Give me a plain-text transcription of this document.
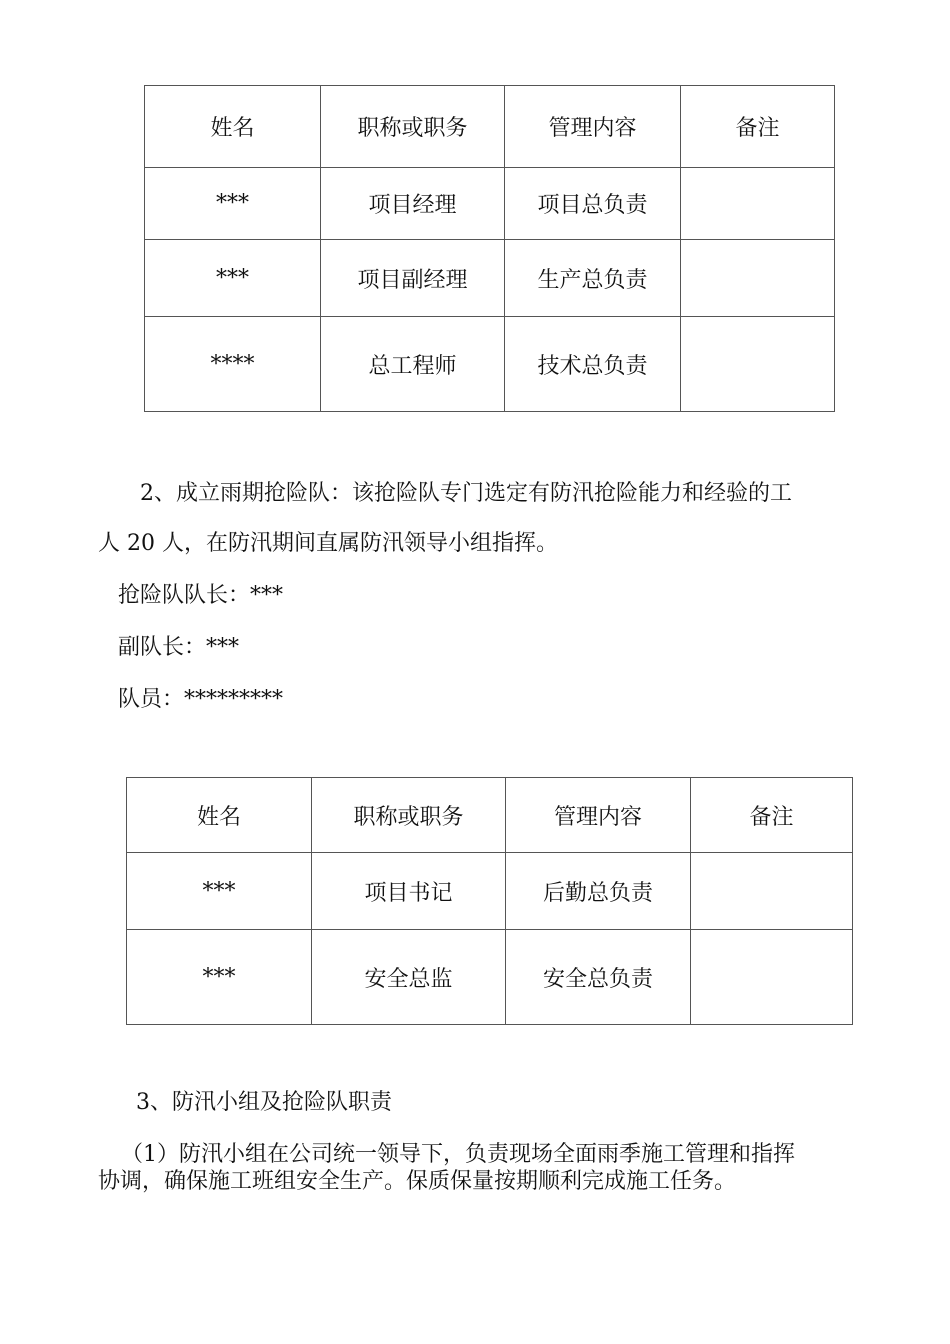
姓名	职称或职务	管理内容	备注
***	项目经理	项目总负责	
***	项目副经理	生产总负责	
****	总工程师	技术总负责	

2、成立雨期抢险队：该抢险队专门选定有防汛抢险能力和经验的工

人 20 人，在防汛期间直属防汛领导小组指挥。

抢险队队长：***

副队长：***

队员：*********

姓名	职称或职务	管理内容	备注
***	项目书记	后勤总负责	
***	安全总监	安全总负责	

3、防汛小组及抢险队职责

（1）防汛小组在公司统一领导下，负责现场全面雨季施工管理和指挥

协调，确保施工班组安全生产。保质保量按期顺利完成施工任务。
